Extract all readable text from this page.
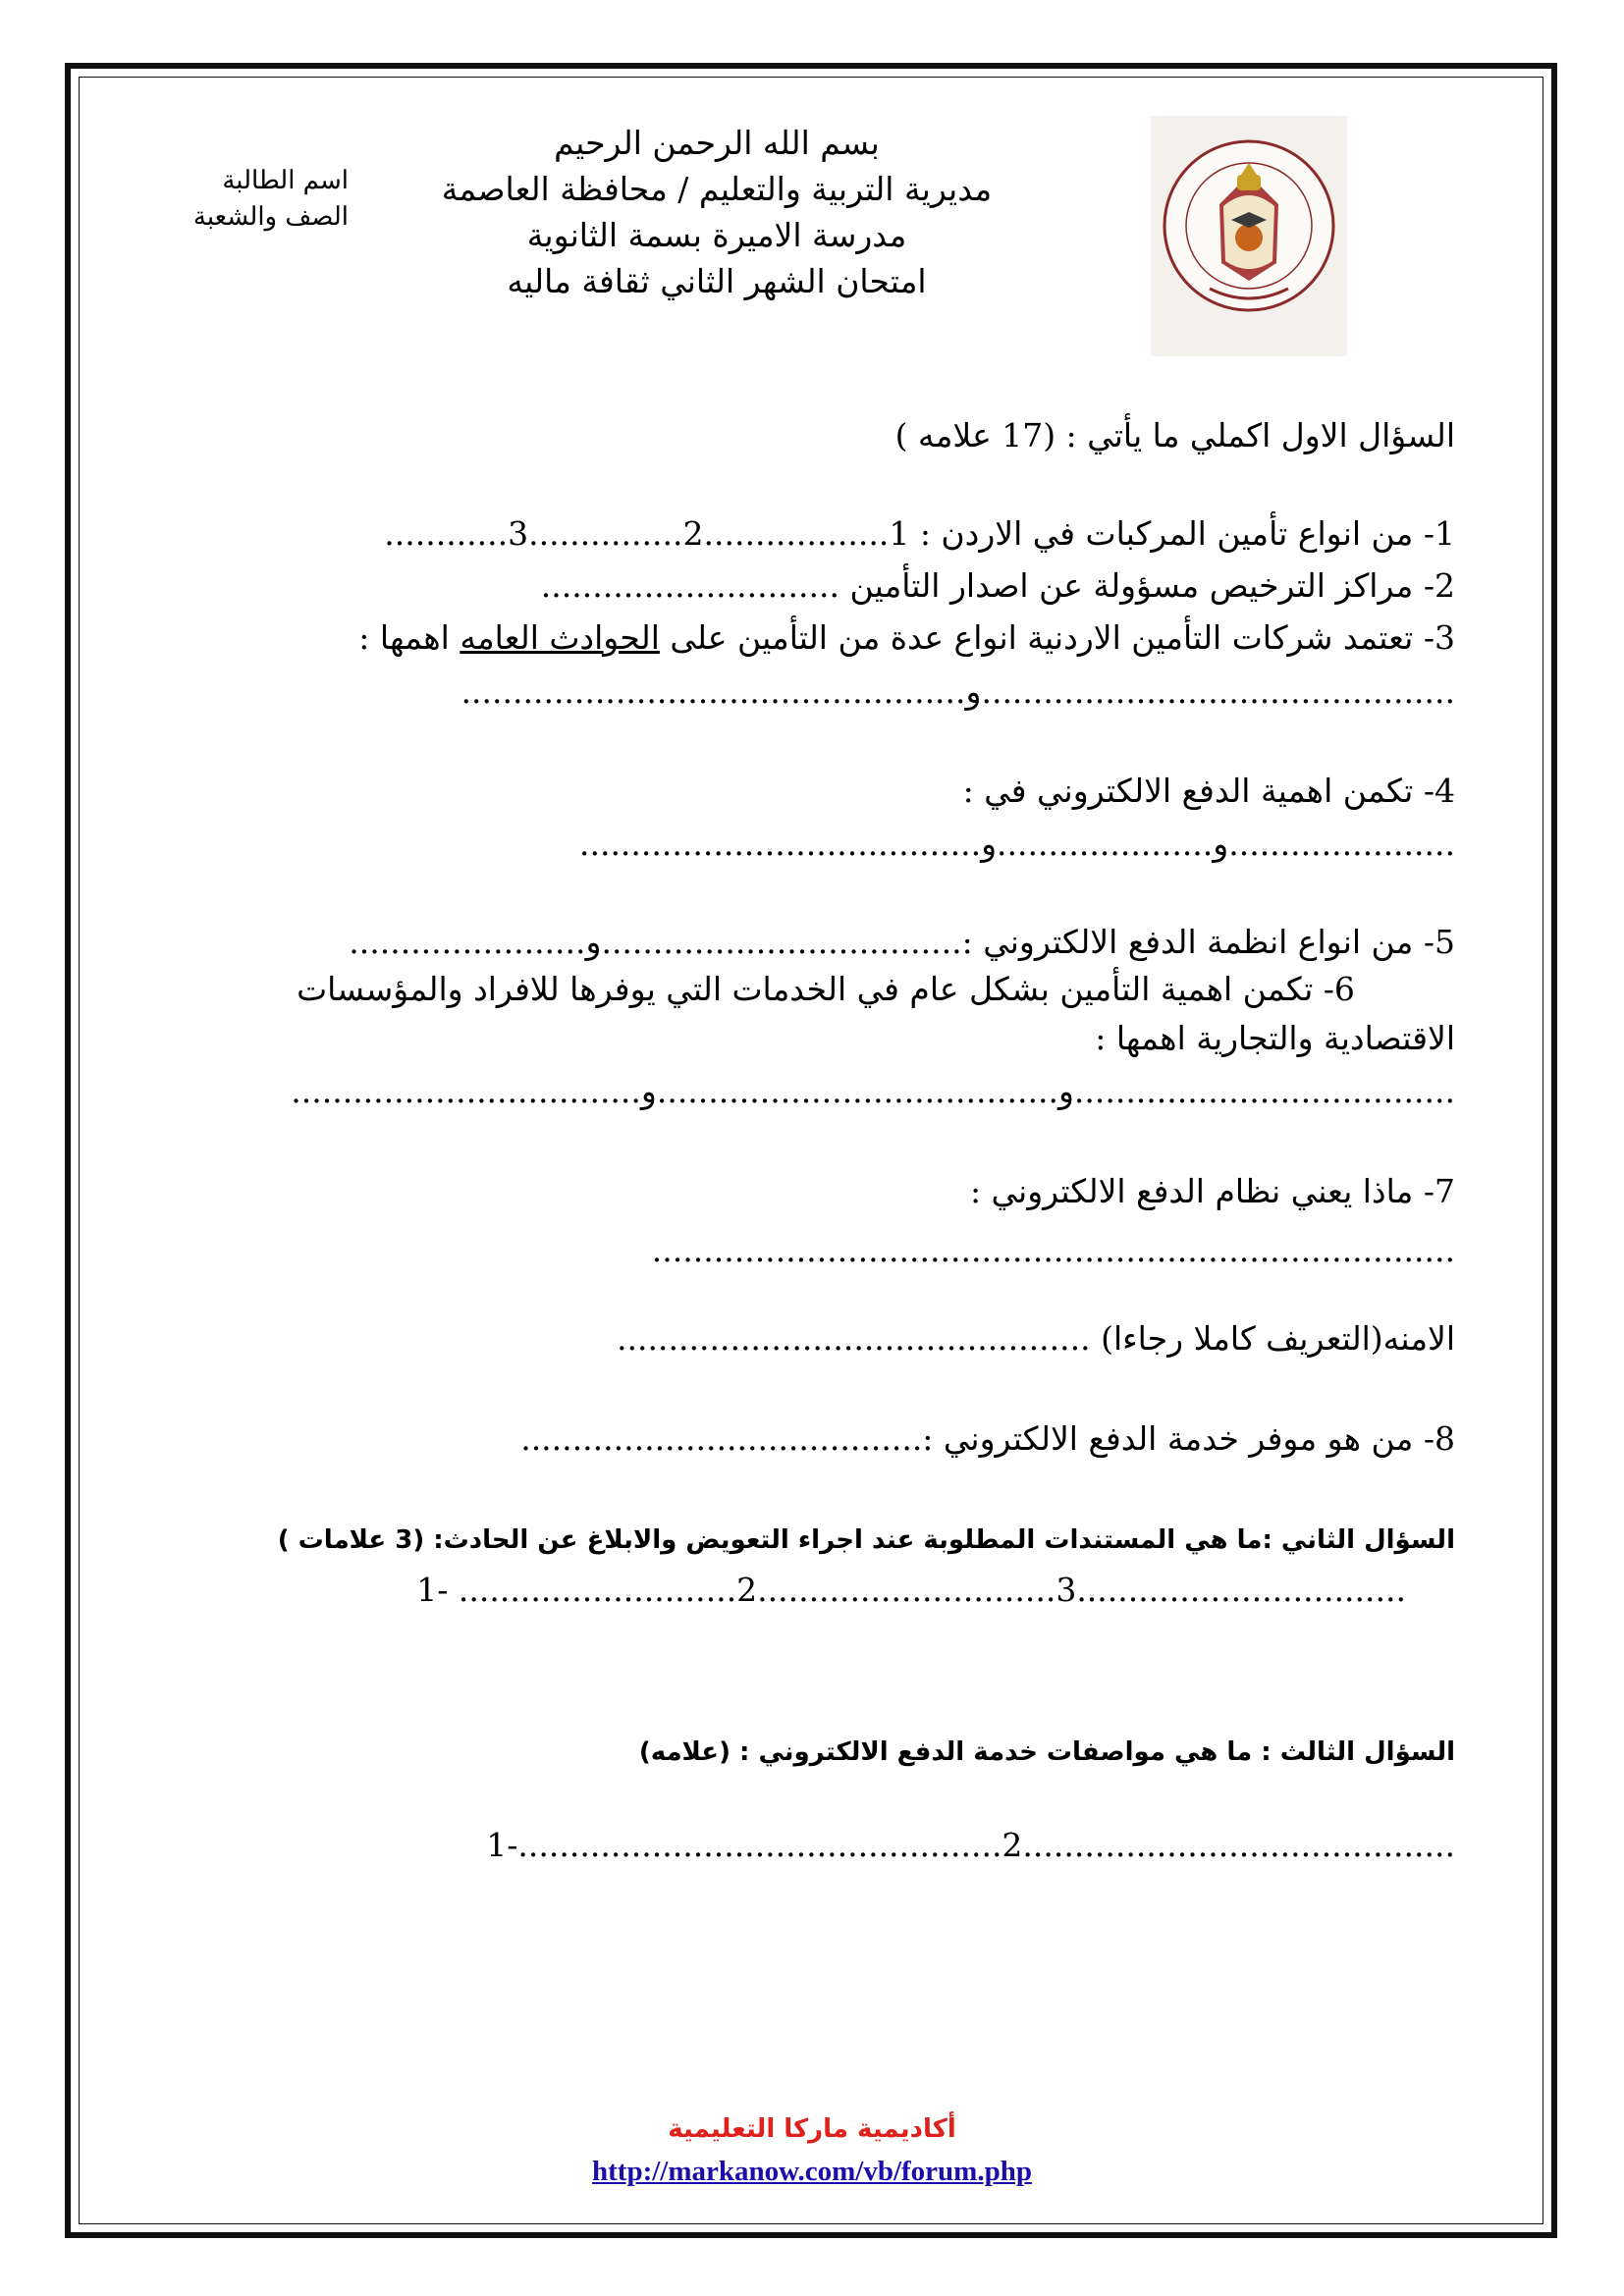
بسم الله الرحمن الرحيم
مديرية التربية والتعليم / محافظة العاصمة
مدرسة الاميرة بسمة الثانوية
امتحان الشهر الثاني ثقافة ماليه
اسم الطالبة
الصف والشعبة
السؤال الاول اكملي ما يأتي : (17 علامه )
1- من انواع تأمين المركبات في الاردن : 1..................2...............3............
2- مراكز الترخيص مسؤولة عن اصدار التأمين .............................
3- تعتمد شركات التأمين الاردنية انواع عدة من التأمين على الحوادث العامه اهمها :
..............................................و.................................................
4- تكمن اهمية الدفع الالكتروني في :
......................و.....................و.......................................
5- من انواع انظمة الدفع الالكتروني :...................................و.......................
6- تكمن اهمية التأمين بشكل عام في الخدمات التي يوفرها للافراد والمؤسسات
الاقتصادية والتجارية اهمها :
.....................................و.......................................و..................................
7- ماذا يعني نظام الدفع الالكتروني :
..............................................................................
الامنه(التعريف كاملا رجاءا) ..............................................
8- من هو موفر خدمة الدفع الالكتروني :.......................................
السؤال الثاني :ما هي المستندات المطلوبة عند اجراء التعويض والابلاغ عن الحادث: (3 علامات )
1- ...........................2.............................3................................
السؤال الثالث : ما هي مواصفات خدمة الدفع الالكتروني : (علامه)
1-...............................................2..........................................
أكاديمية ماركا التعليمية
http://markanow.com/vb/forum.php
